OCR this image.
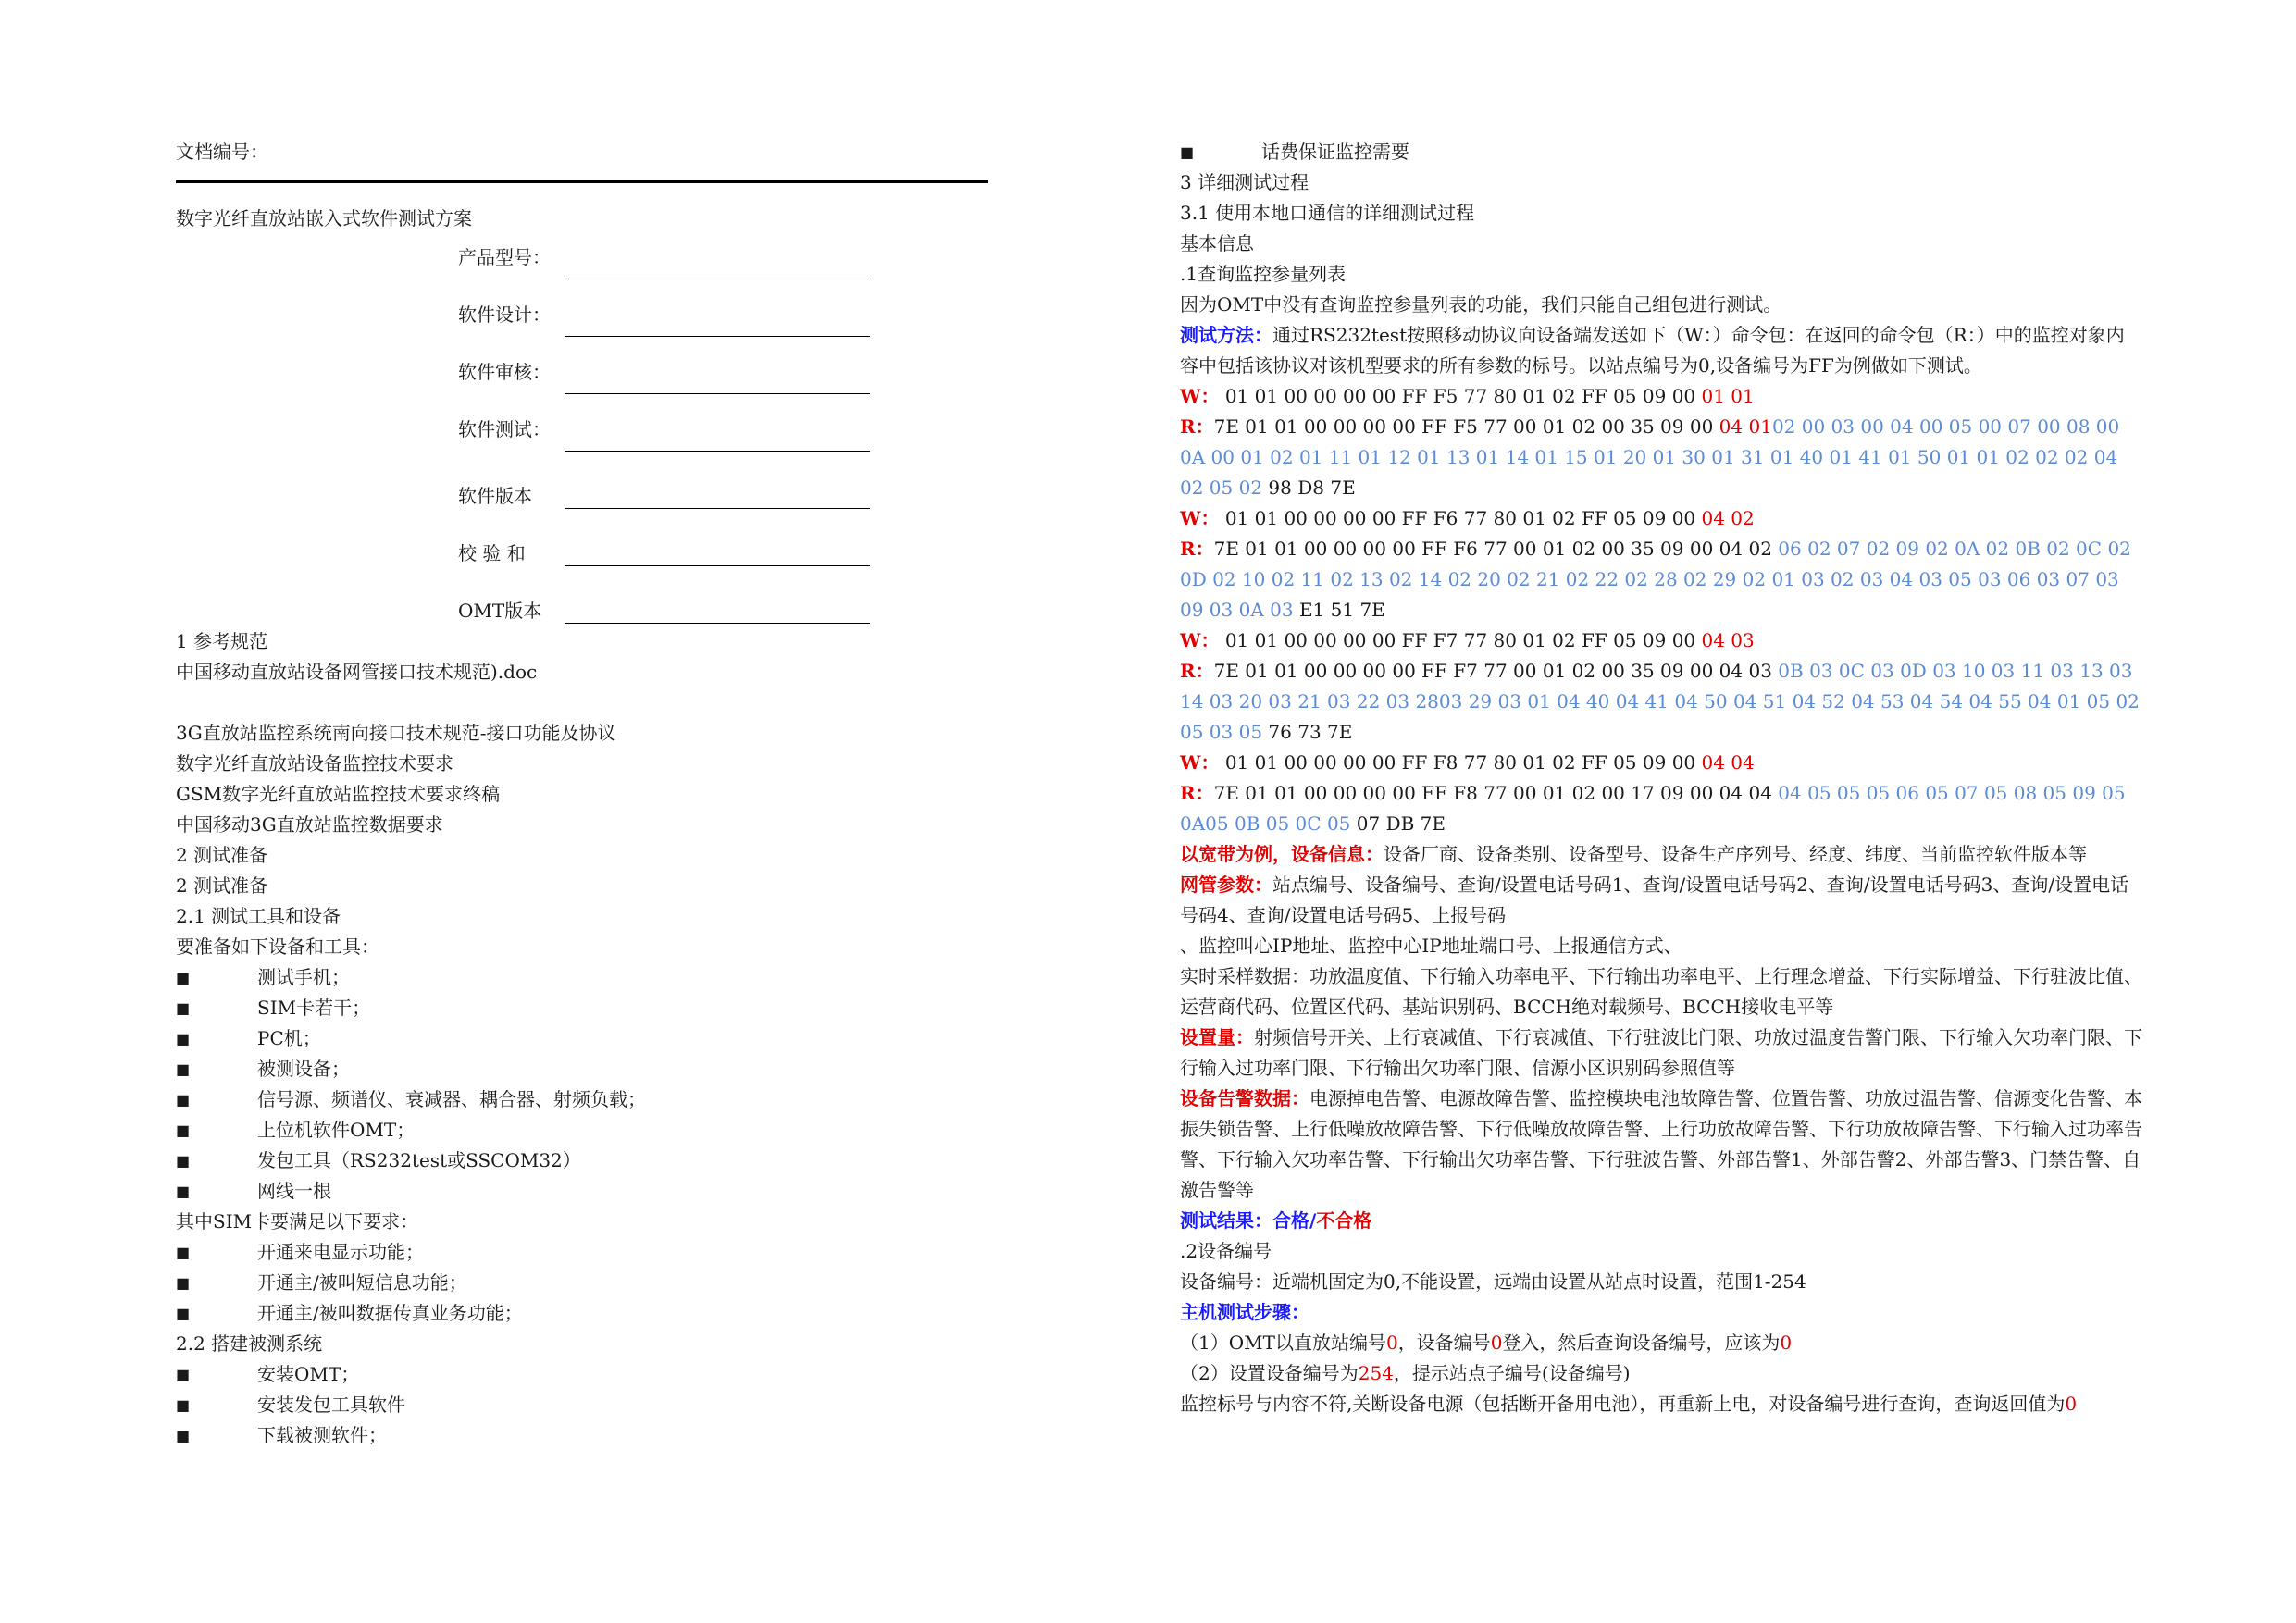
文档编号：
数字光纤直放站嵌入式软件测试方案
产品型号：
软件设计：
软件审核：
软件测试：
软件版本
校 验 和
OMT版本
1 参考规范
中国移动直放站设备网管接口技术规范).doc
3G直放站监控系统南向接口技术规范-接口功能及协议
数字光纤直放站设备监控技术要求
GSM数字光纤直放站监控技术要求终稿
中国移动3G直放站监控数据要求
2 测试准备
2 测试准备
2.1 测试工具和设备
要准备如下设备和工具：
■	测试手机；
■	SIM卡若干；
■	PC机；
■	被测设备；
■	信号源、频谱仪、衰减器、耦合器、射频负载；
■	上位机软件OMT；
■	发包工具（RS232test或SSCOM32）
■	网线一根
其中SIM卡要满足以下要求：
■	开通来电显示功能；
■	开通主/被叫短信息功能；
■	开通主/被叫数据传真业务功能；
2.2 搭建被测系统
■	安装OMT；
■	安装发包工具软件
■	下载被测软件；
■	话费保证监控需要
3 详细测试过程
3.1 使用本地口通信的详细测试过程
基本信息
.1查询监控参量列表
因为OMT中没有查询监控参量列表的功能，我们只能自己组包进行测试。
测试方法：通过RS232test按照移动协议向设备端发送如下（W：）命令包：在返回的命令包（R：）中的监控对象内容中包括该协议对该机型要求的所有参数的标号。以站点编号为0,设备编号为FF为例做如下测试。
W： 01 01 00 00 00 00 FF F5 77 80 01 02 FF 05 09 00 01 01
R：7E 01 01 00 00 00 00 FF F5 77 00 01 02 00 35 09 00 04 0102 00 03 00 04 00 05 00 07 00 08 00 0A 00 01 02 01 11 01 12 01 13 01 14 01 15 01 20 01 30 01 31 01 40 01 41 01 50 01 01 02 02 02 04 02 05 02 98 D8 7E
W： 01 01 00 00 00 00 FF F6 77 80 01 02 FF 05 09 00 04 02
R：7E 01 01 00 00 00 00 FF F6 77 00 01 02 00 35 09 00 04 02 06 02 07 02 09 02 0A 02 0B 02 0C 02 0D 02 10 02 11 02 13 02 14 02 20 02 21 02 22 02 28 02 29 02 01 03 02 03 04 03 05 03 06 03 07 03 09 03 0A 03 E1 51 7E
W： 01 01 00 00 00 00 FF F7 77 80 01 02 FF 05 09 00 04 03
R：7E 01 01 00 00 00 00 FF F7 77 00 01 02 00 35 09 00 04 03 0B 03 0C 03 0D 03 10 03 11 03 13 03 14 03 20 03 21 03 22 03 2803 29 03 01 04 40 04 41 04 50 04 51 04 52 04 53 04 54 04 55 04 01 05 02 05 03 05 76 73 7E
W： 01 01 00 00 00 00 FF F8 77 80 01 02 FF 05 09 00 04 04
R：7E 01 01 00 00 00 00 FF F8 77 00 01 02 00 17 09 00 04 04 04 05 05 05 06 05 07 05 08 05 09 05 0A05 0B 05 0C 05 07 DB 7E
以宽带为例，设备信息：设备厂商、设备类别、设备型号、设备生产序列号、经度、纬度、当前监控软件版本等
网管参数：站点编号、设备编号、查询/设置电话号码1、查询/设置电话号码2、查询/设置电话号码3、查询/设置电话号码4、查询/设置电话号码5、上报号码
、监控叫心IP地址、监控中心IP地址端口号、上报通信方式、
实时采样数据：功放温度值、下行输入功率电平、下行输出功率电平、上行理念增益、下行实际增益、下行驻波比值、运营商代码、位置区代码、基站识别码、BCCH绝对载频号、BCCH接收电平等
设置量：射频信号开关、上行衰减值、下行衰减值、下行驻波比门限、功放过温度告警门限、下行输入欠功率门限、下行输入过功率门限、下行输出欠功率门限、信源小区识别码参照值等
设备告警数据：电源掉电告警、电源故障告警、监控模块电池故障告警、位置告警、功放过温告警、信源变化告警、本振失锁告警、上行低噪放故障告警、下行低噪放故障告警、上行功放故障告警、下行功放故障告警、下行输入过功率告警、下行输入欠功率告警、下行输出欠功率告警、下行驻波告警、外部告警1、外部告警2、外部告警3、门禁告警、自激告警等
测试结果：合格/不合格
.2设备编号
设备编号：近端机固定为0,不能设置，远端由设置从站点时设置，范围1-254
主机测试步骤：
（1）OMT以直放站编号0，设备编号0登入，然后查询设备编号，应该为0
（2）设置设备编号为254，提示站点子编号(设备编号)
监控标号与内容不符,关断设备电源（包括断开备用电池），再重新上电，对设备编号进行查询，查询返回值为0
